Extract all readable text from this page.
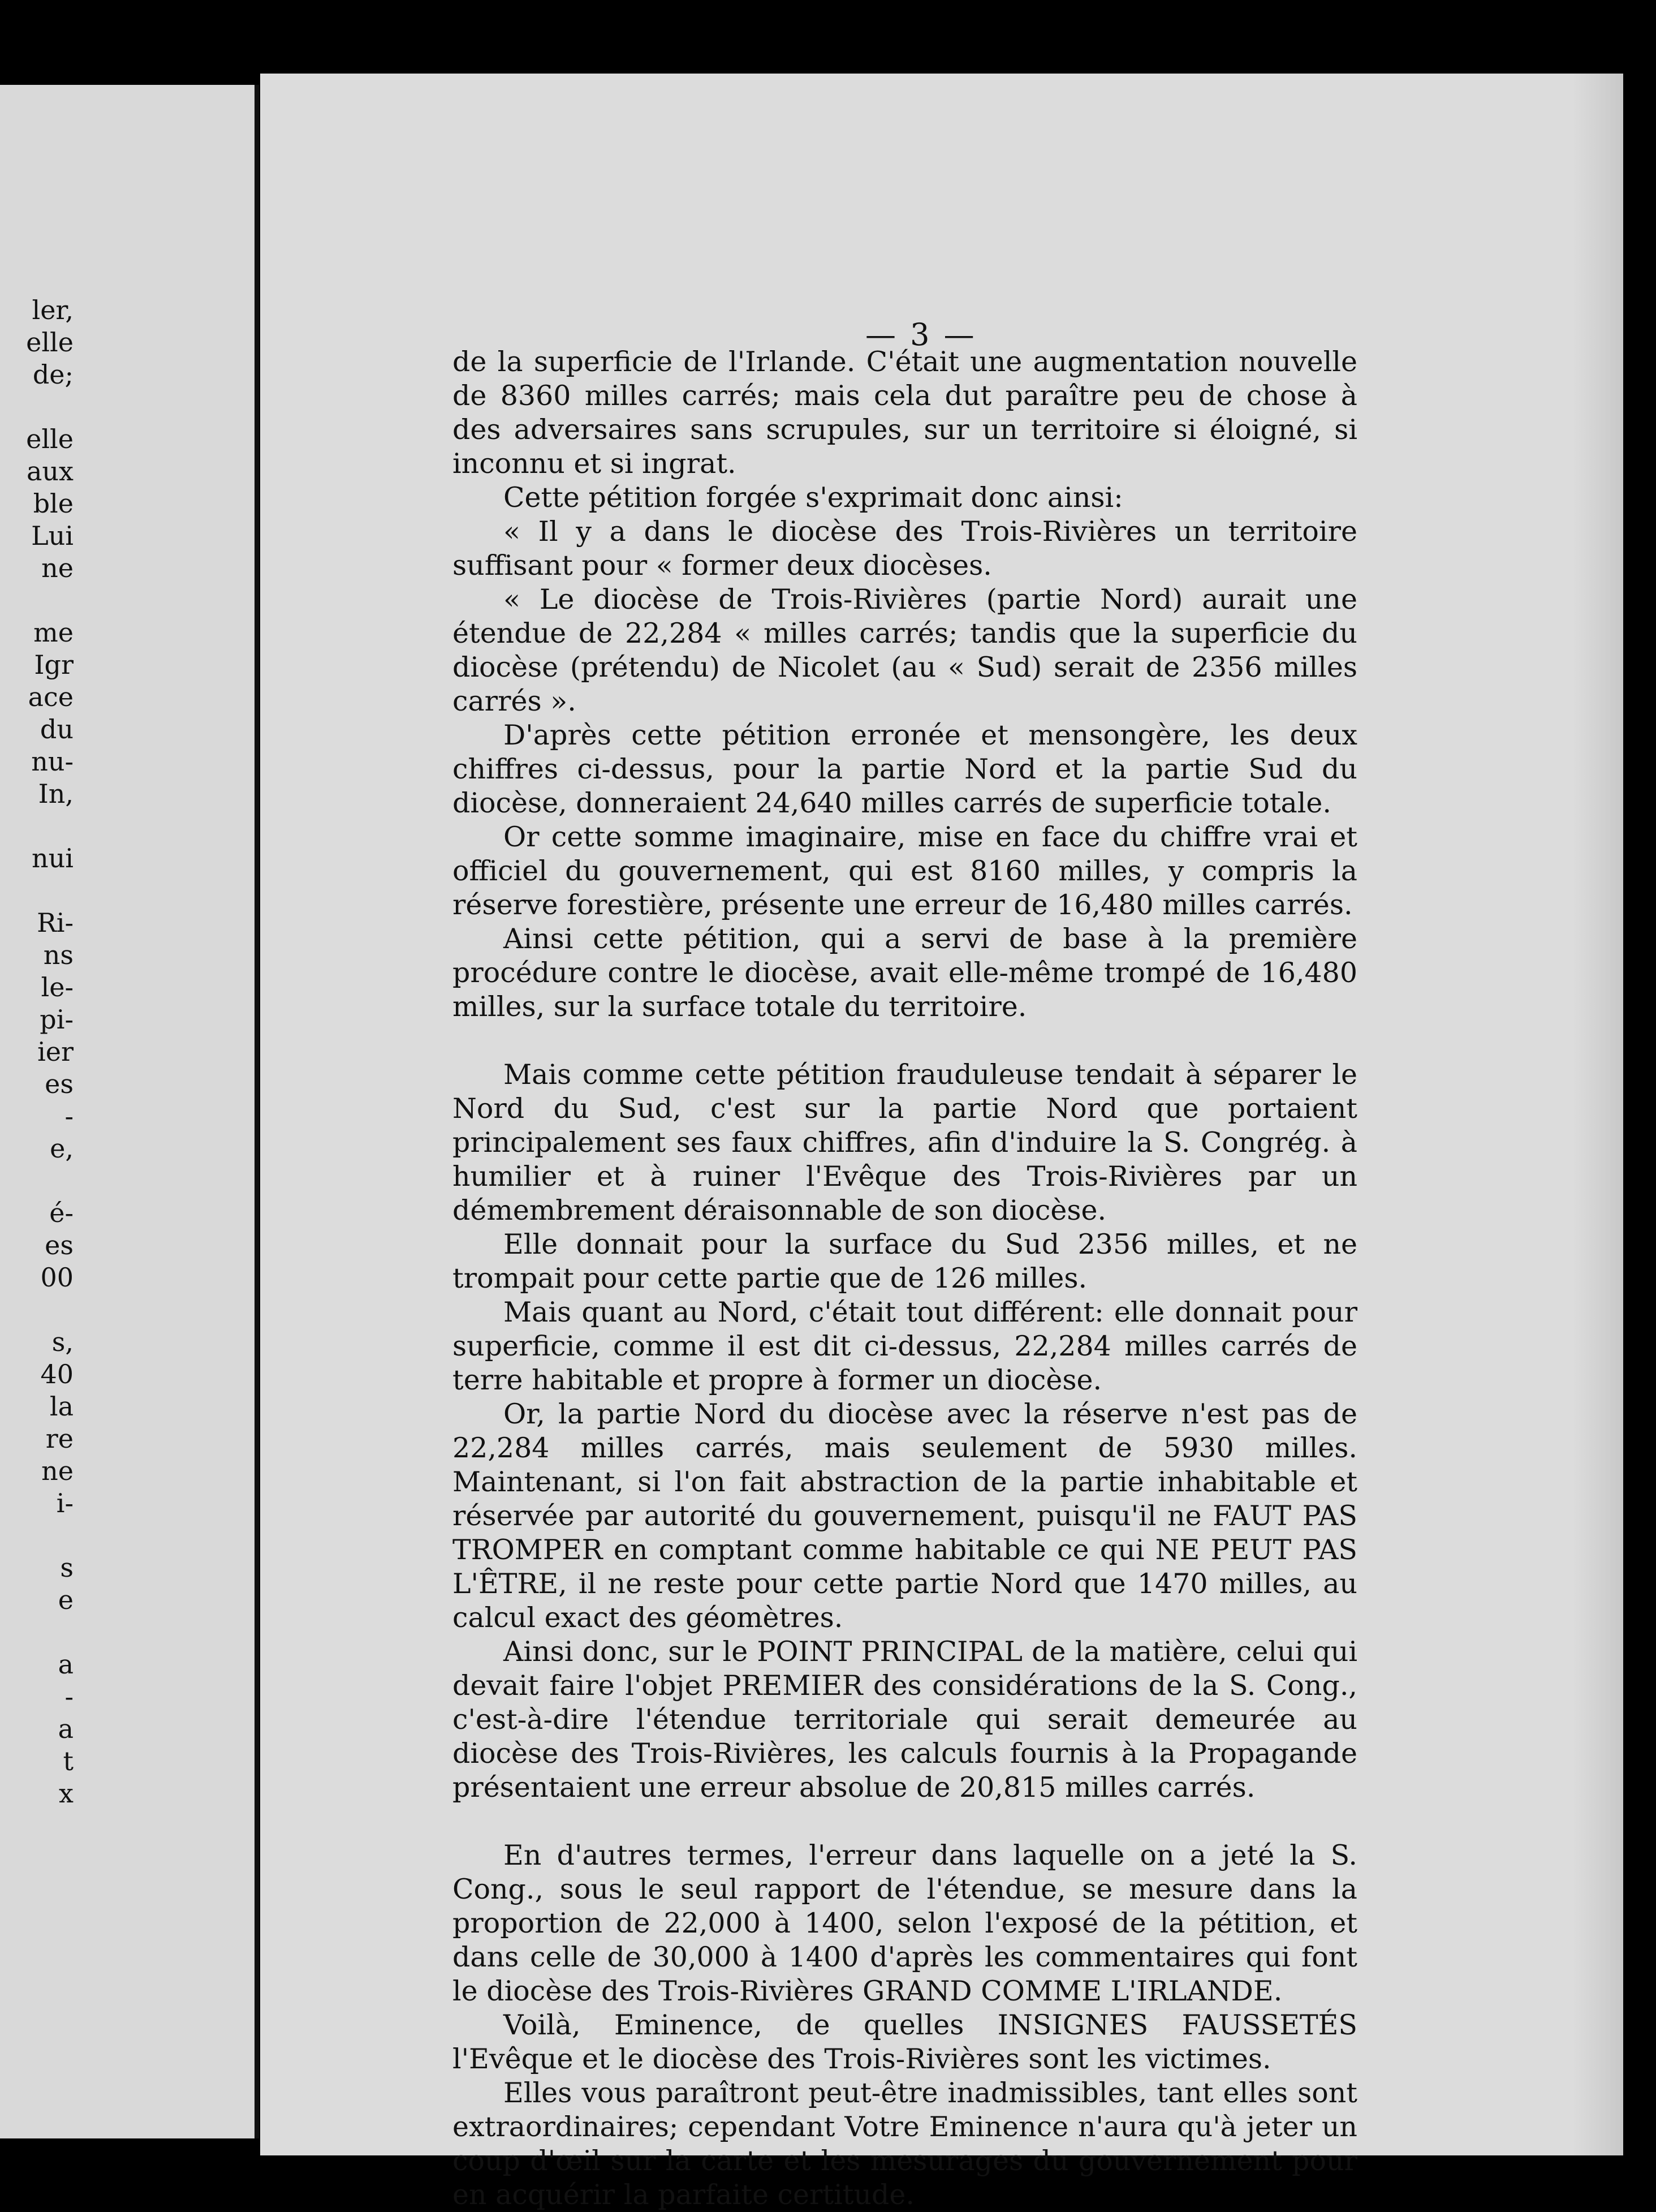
ler,
elle
de;
elle
aux
ble
Lui
ne
me
Igr
ace
du
nu-
In,
nui
Ri-
ns
le-
pi-
ier
es
-
e,
é-
es
00
s,
40
la
re
ne
i-
s
e
a
-
a
t
x
— 3 —

de la superficie de l'Irlande. C'était une augmentation nouvelle de 8360 milles carrés; mais cela dut paraître peu de chose à des adversaires sans scrupules, sur un territoire si éloigné, si inconnu et si ingrat.

Cette pétition forgée s'exprimait donc ainsi:

« Il y a dans le diocèse des Trois-Rivières un territoire suffisant pour « former deux diocèses.

« Le diocèse de Trois-Rivières (partie Nord) aurait une étendue de 22,284 « milles carrés; tandis que la superficie du diocèse (prétendu) de Nicolet (au « Sud) serait de 2356 milles carrés ».

D'après cette pétition erronée et mensongère, les deux chiffres ci-dessus, pour la partie Nord et la partie Sud du diocèse, donneraient 24,640 milles carrés de superficie totale.

Or cette somme imaginaire, mise en face du chiffre vrai et officiel du gouvernement, qui est 8160 milles, y compris la réserve forestière, présente une erreur de 16,480 milles carrés.

Ainsi cette pétition, qui a servi de base à la première procédure contre le diocèse, avait elle-même trompé de 16,480 milles, sur la surface totale du territoire.

Mais comme cette pétition frauduleuse tendait à séparer le Nord du Sud, c'est sur la partie Nord que portaient principalement ses faux chiffres, afin d'induire la S. Congrég. à humilier et à ruiner l'Evêque des Trois-Rivières par un démembrement déraisonnable de son diocèse.

Elle donnait pour la surface du Sud 2356 milles, et ne trompait pour cette partie que de 126 milles.

Mais quant au Nord, c'était tout différent: elle donnait pour superficie, comme il est dit ci-dessus, 22,284 milles carrés de terre habitable et propre à former un diocèse.

Or, la partie Nord du diocèse avec la réserve n'est pas de 22,284 milles carrés, mais seulement de 5930 milles. Maintenant, si l'on fait abstraction de la partie inhabitable et réservée par autorité du gouvernement, puisqu'il ne FAUT PAS TROMPER en comptant comme habitable ce qui NE PEUT PAS L'ÊTRE, il ne reste pour cette partie Nord que 1470 milles, au calcul exact des géomètres.

Ainsi donc, sur le POINT PRINCIPAL de la matière, celui qui devait faire l'objet PREMIER des considérations de la S. Cong., c'est-à-dire l'étendue territoriale qui serait demeurée au diocèse des Trois-Rivières, les calculs fournis à la Propagande présentaient une erreur absolue de 20,815 milles carrés.

En d'autres termes, l'erreur dans laquelle on a jeté la S. Cong., sous le seul rapport de l'étendue, se mesure dans la proportion de 22,000 à 1400, selon l'exposé de la pétition, et dans celle de 30,000 à 1400 d'après les commentaires qui font le diocèse des Trois-Rivières GRAND COMME L'IRLANDE.

Voilà, Eminence, de quelles INSIGNES FAUSSETÉS l'Evêque et le diocèse des Trois-Rivières sont les victimes.

Elles vous paraîtront peut-être inadmissibles, tant elles sont extraordinaires; cependant Votre Eminence n'aura qu'à jeter un coup d'œil sur la carte et les mesurages du gouvernement pour en acquérir la parfaite certitude.
